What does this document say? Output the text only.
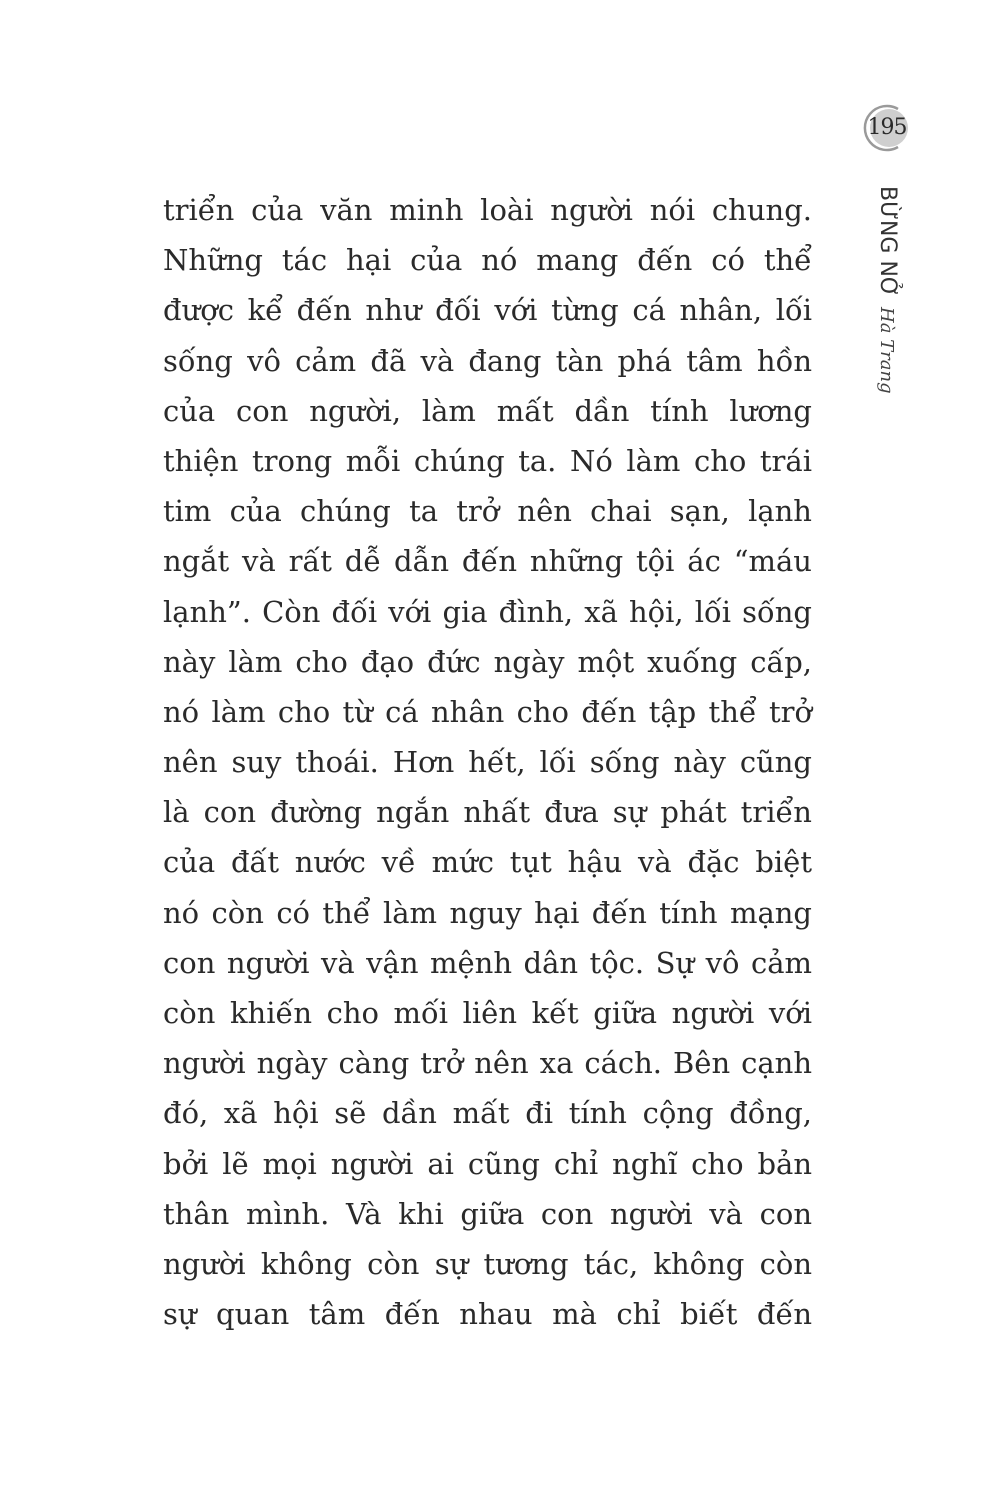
195
BỪNG NỞ
Hà Trang
triển của văn minh loài người nói chung.
Những tác hại của nó mang đến có thể
được kể đến như đối với từng cá nhân, lối
sống vô cảm đã và đang tàn phá tâm hồn
của con người, làm mất dần tính lương
thiện trong mỗi chúng ta. Nó làm cho trái
tim của chúng ta trở nên chai sạn, lạnh
ngắt và rất dễ dẫn đến những tội ác “máu
lạnh”. Còn đối với gia đình, xã hội, lối sống
này làm cho đạo đức ngày một xuống cấp,
nó làm cho từ cá nhân cho đến tập thể trở
nên suy thoái. Hơn hết, lối sống này cũng
là con đường ngắn nhất đưa sự phát triển
của đất nước về mức tụt hậu và đặc biệt
nó còn có thể làm nguy hại đến tính mạng
con người và vận mệnh dân tộc. Sự vô cảm
còn khiến cho mối liên kết giữa người với
người ngày càng trở nên xa cách. Bên cạnh
đó, xã hội sẽ dần mất đi tính cộng đồng,
bởi lẽ mọi người ai cũng chỉ nghĩ cho bản
thân mình. Và khi giữa con người và con
người không còn sự tương tác, không còn
sự quan tâm đến nhau mà chỉ biết đến
